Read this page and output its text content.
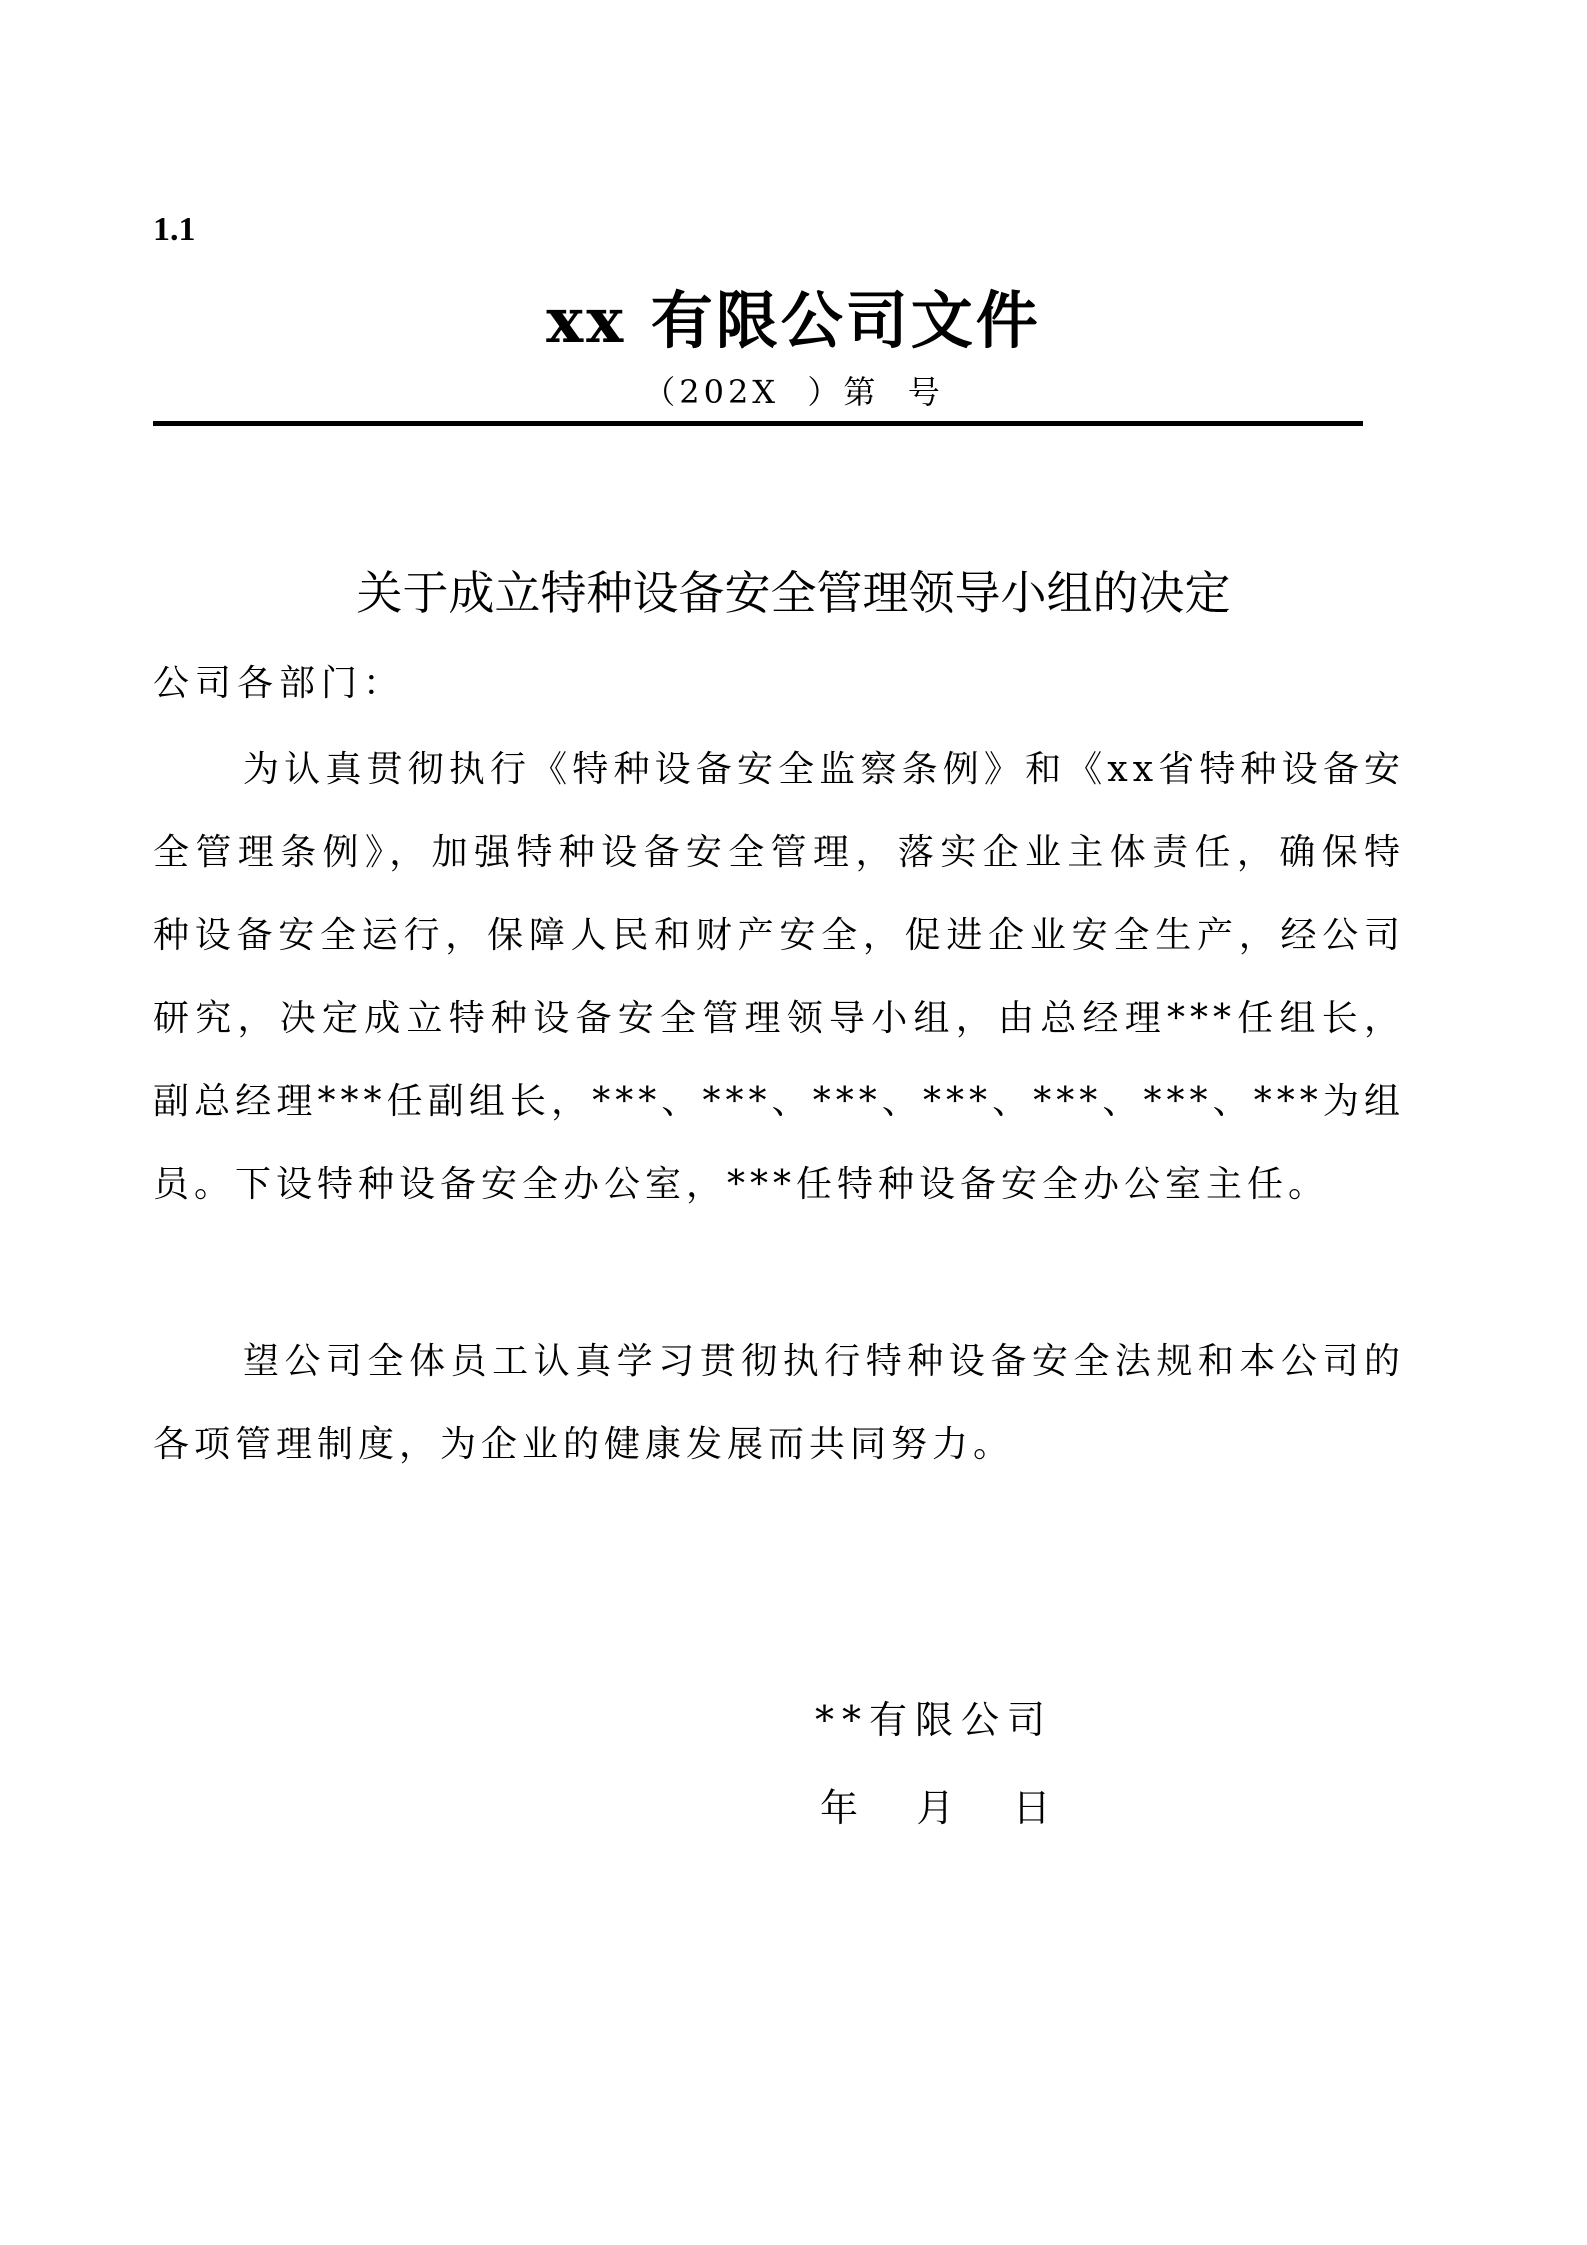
1.1
xx 有限公司文件
（202X  ）第  号
关于成立特种设备安全管理领导小组的决定
公司各部门：

为认真贯彻执行《特种设备安全监察条例》和《xx省特种设备安全管理条例》，加强特种设备安全管理，落实企业主体责任，确保特种设备安全运行，保障人民和财产安全，促进企业安全生产，经公司研究，决定成立特种设备安全管理领导小组，由总经理***任组长，副总经理***任副组长，***、***、***、***、***、***、***为组员。下设特种设备安全办公室，***任特种设备安全办公室主任。

望公司全体员工认真学习贯彻执行特种设备安全法规和本公司的各项管理制度，为企业的健康发展而共同努力。

**有限公司
年    月    日
